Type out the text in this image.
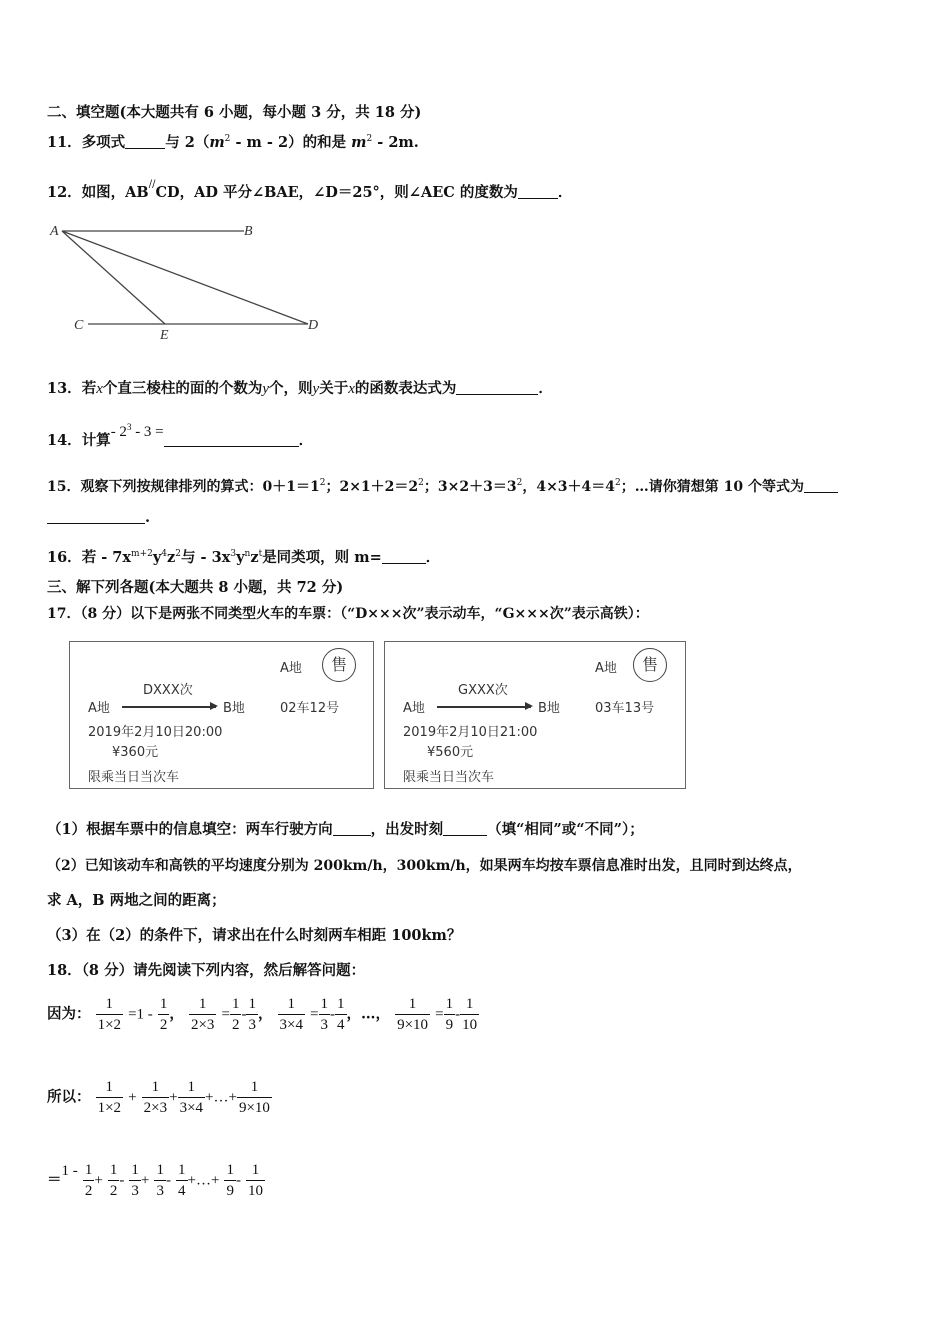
二、填空题(本大题共有 6 小题，每小题 3 分，共 18 分)
11．多项式	与 $2(m^2$ - m - 2）的和是 $m^2 - 2m$.
12．如图，AB//CD，AD 平分∠BAE，∠D＝25°，则∠AEC 的度数为	．
A	B
C	D
E
13．若x个直三棱柱的面的个数为y个，则y关于x的函数表达式为	．
14．计算- $2^3 - 3$ =	．
15．观察下列按规律排列的算式：$0+1=1^2$；$2\times 1+2=2^2$；$3\times 2+3=3^2$，$4\times 3+4=4^2$；…请你猜想第 10 个等式为
.
16．若 - $7x^{m+2}y^4z^2$与 - $3x^3y^nz^t$是同类项，则 m=	．
三、解下列各题(本大题共 8 小题，共 72 分)
17．（8 分）以下是两张不同类型火车的车票：（“D×××次”表示动车，“G×××次”表示高铁）：
A地	售
DXXX次
A地	B地	02车12号
2019年2月10日20:00
¥360元
限乘当日当次车
A地	售
GXXX次
A地	B地	03车13号
2019年2月10日21:00
¥560元
限乘当日当次车
（1）根据车票中的信息填空：两车行驶方向	，出发时刻	（填“相同”或“不同”）；
（2）已知该动车和高铁的平均速度分别为 200km/h，300km/h，如果两车均按车票信息准时出发，且同时到达终点，
求 A，B 两地之间的距离；
（3）在（2）的条件下，请求出在什么时刻两车相距 100km？
18．（8 分）请先阅读下列内容，然后解答问题：
因为： $\frac{1}{1\times 2} =1 - \frac{1}{2}$ ， $\frac{1}{2\times 3} = \frac{1}{2} - \frac{1}{3}$ ， $\frac{1}{3\times 4} = \frac{1}{3} - \frac{1}{4}$ ，…， $\frac{1}{9\times 10} = \frac{1}{9} - \frac{1}{10}$
所以： $\frac{1}{1\times 2} + \frac{1}{2\times 3} + \frac{1}{3\times 4}$ +…+ $\frac{1}{9\times 10}$
$=1 - \frac{1}{2} + \frac{1}{2} - \frac{1}{3} + \frac{1}{3} - \frac{1}{4}$ +…+ $\frac{1}{9} - \frac{1}{10}$
